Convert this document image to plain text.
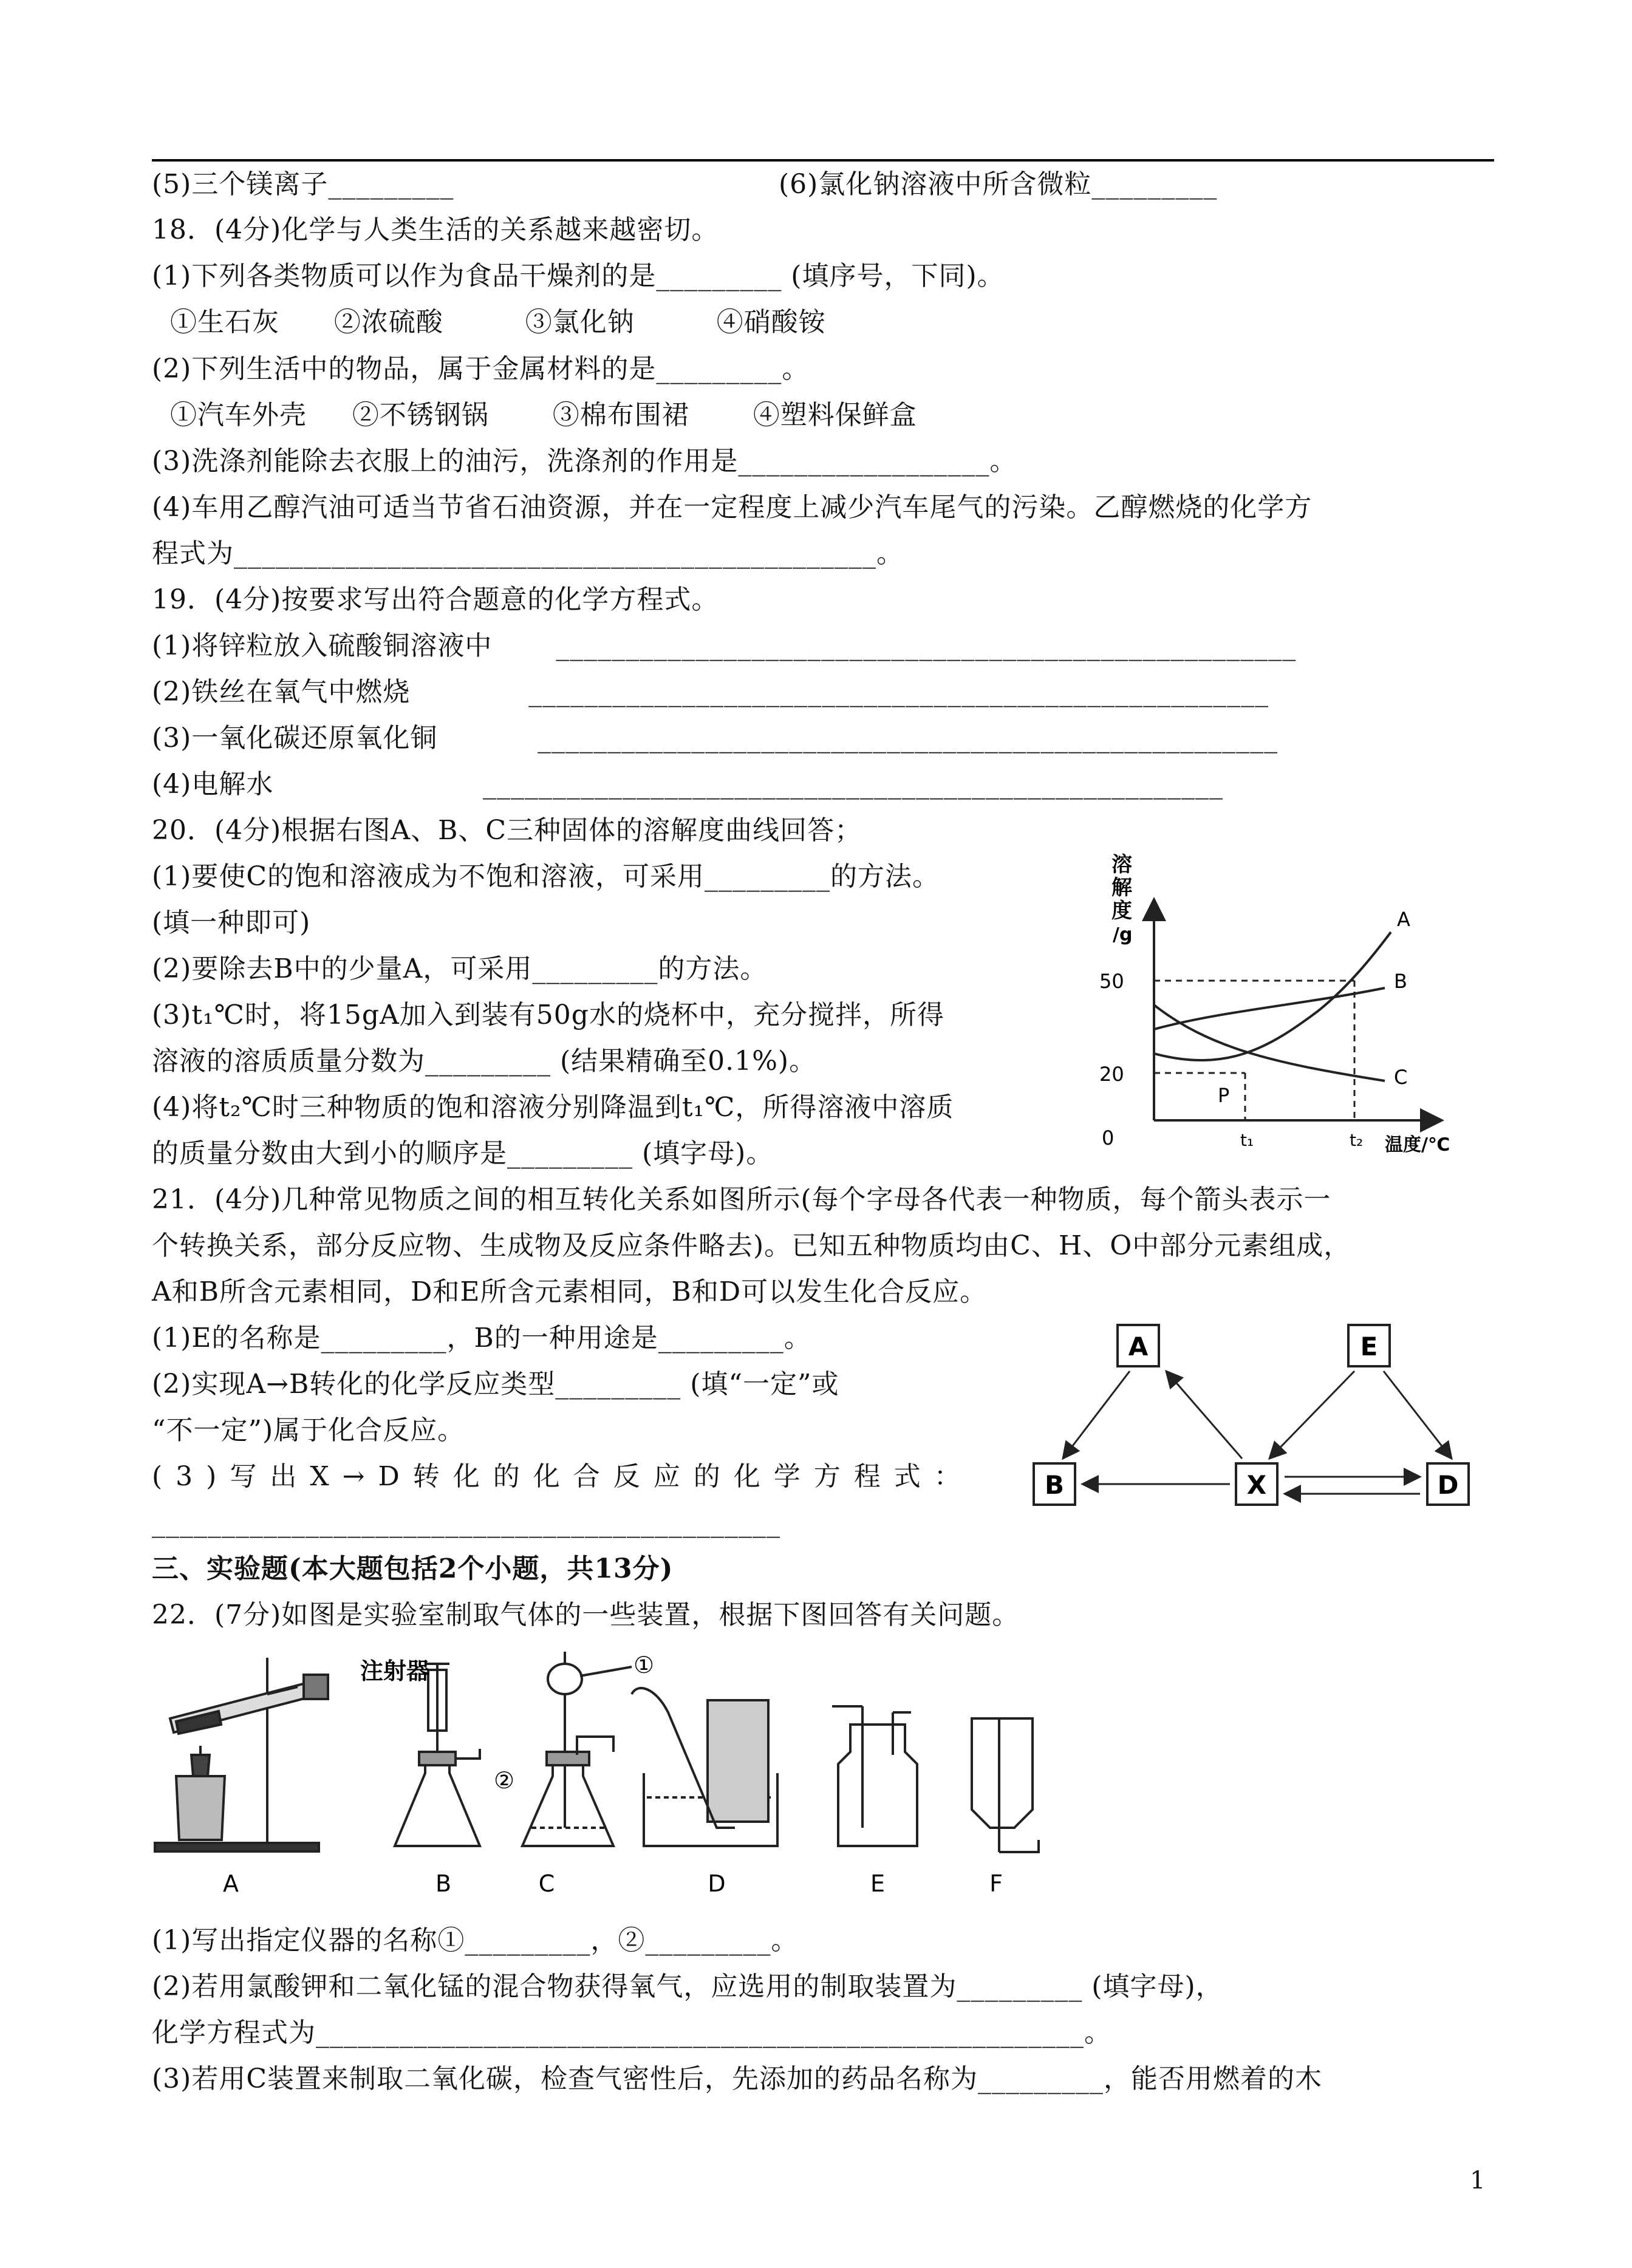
(5)三个镁离子_________	(6)氯化钠溶液中所含微粒_________
18．(4分)化学与人类生活的关系越来越密切。
(1)下列各类物质可以作为食品干燥剂的是_________ (填序号，下同)。
①生石灰      ②浓硫酸         ③氯化钠         ④硝酸铵
(2)下列生活中的物品，属于金属材料的是_________。
①汽车外壳     ②不锈钢锅       ③棉布围裙       ④塑料保鲜盒
(3)洗涤剂能除去衣服上的油污，洗涤剂的作用是__________________。
(4)车用乙醇汽油可适当节省石油资源，并在一定程度上减少汽车尾气的污染。乙醇燃烧的化学方
程式为______________________________________________。
19．(4分)按要求写出符合题意的化学方程式。
(1)将锌粒放入硫酸铜溶液中       _____________________________________________________
(2)铁丝在氧气中燃烧             _____________________________________________________
(3)一氧化碳还原氧化铜           _____________________________________________________
(4)电解水                       _____________________________________________________
20．(4分)根据右图A、B、C三种固体的溶解度曲线回答；
(1)要使C的饱和溶液成为不饱和溶液，可采用_________的方法。
(填一种即可)
(2)要除去B中的少量A，可采用_________的方法。
(3)t₁℃时，将15gA加入到装有50g水的烧杯中，充分搅拌，所得
溶液的溶质质量分数为_________ (结果精确至0.1%)。
(4)将t₂℃时三种物质的饱和溶液分别降温到t₁℃，所得溶液中溶质
的质量分数由大到小的顺序是_________ (填字母)。
21．(4分)几种常见物质之间的相互转化关系如图所示(每个字母各代表一种物质，每个箭头表示一
个转换关系，部分反应物、生成物及反应条件略去)。已知五种物质均由C、H、O中部分元素组成，
A和B所含元素相同，D和E所含元素相同，B和D可以发生化合反应。
(1)E的名称是_________，B的一种用途是_________。
(2)实现A→B转化的化学反应类型_________ (填“一定”或
“不一定”)属于化合反应。
(3)写出X→D转化的化合反应的化学方程式：
_____________________________________________
三、实验题(本大题包括2个小题，共13分)
22．(7分)如图是实验室制取气体的一些装置，根据下图回答有关问题。
(1)写出指定仪器的名称①_________，②_________。
(2)若用氯酸钾和二氧化锰的混合物获得氧气，应选用的制取装置为_________ (填字母)，
化学方程式为_______________________________________________________。
(3)若用C装置来制取二氧化碳，检查气密性后，先添加的药品名称为_________，能否用燃着的木
溶
解
度
/g
50
20
0	t₁	t₂ 温度/℃
P
A
B
C
A	E
B	X	D
注射器	①
②
A	B	C	D	E	F
1
